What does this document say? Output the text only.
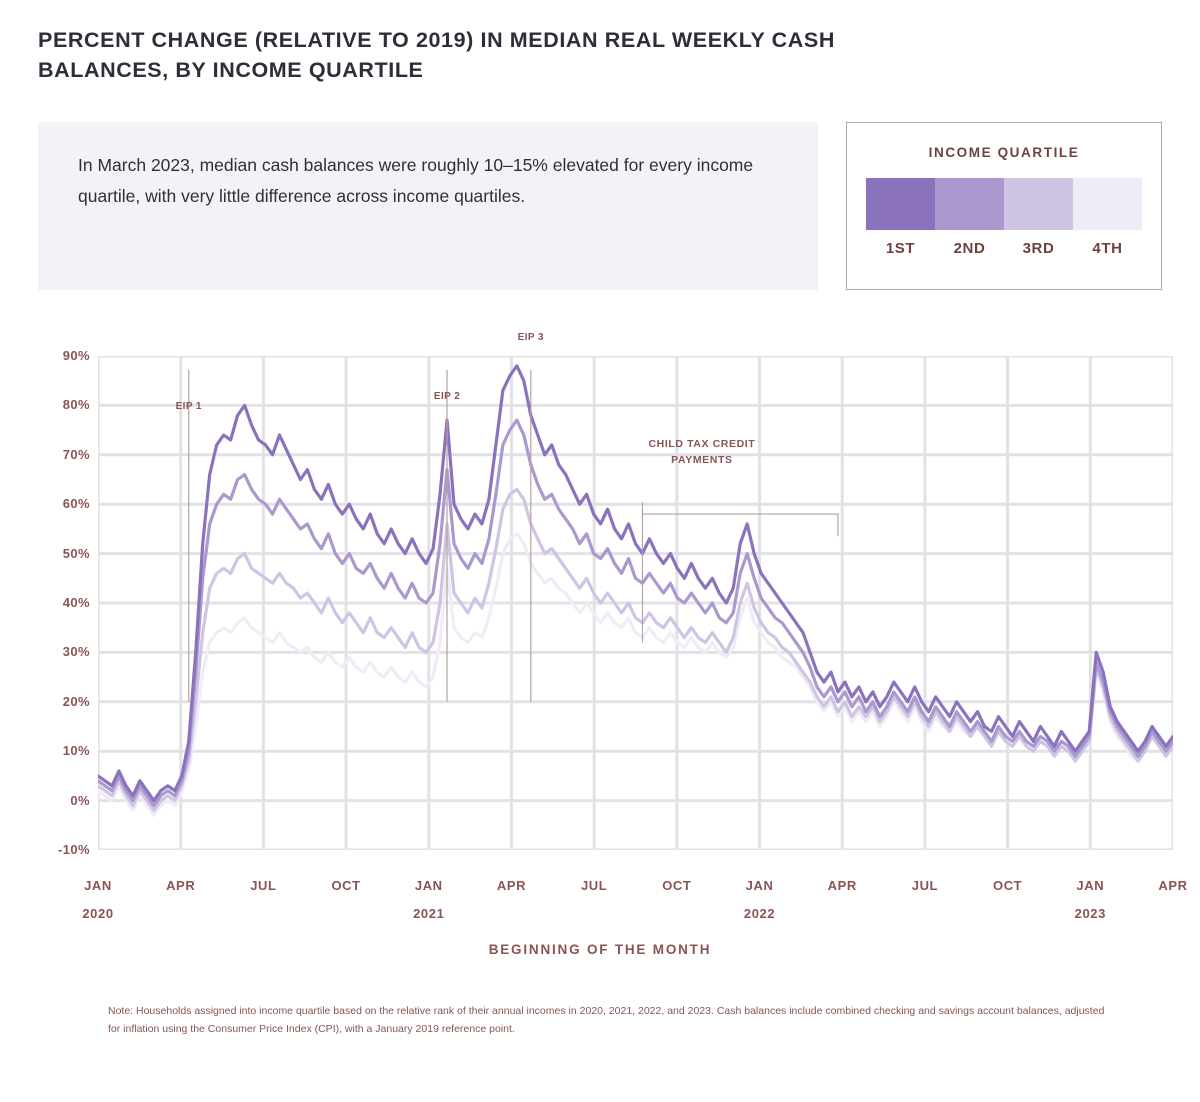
PERCENT CHANGE (RELATIVE TO 2019) IN MEDIAN REAL WEEKLY CASH BALANCES, BY INCOME QUARTILE
In March 2023, median cash balances were roughly 10–15% elevated for every income quartile, with very little difference across income quartiles.
INCOME QUARTILE
1ST	2ND	3RD	4TH
-10%
0%
10%
20%
30%
40%
50%
60%
70%
80%
90%
JAN
2020
APR	JUL	OCT	JAN
2021
APR	JUL	OCT	JAN
2022
APR	JUL	OCT	JAN
2023
APR
EIP 1
EIP 2
EIP 3
CHILD TAX CREDIT
PAYMENTS
BEGINNING OF THE MONTH
Note: Households assigned into income quartile based on the relative rank of their annual incomes in 2020, 2021, 2022, and 2023. Cash balances include combined checking and savings account balances, adjusted for inflation using the Consumer Price Index (CPI), with a January 2019 reference point.
